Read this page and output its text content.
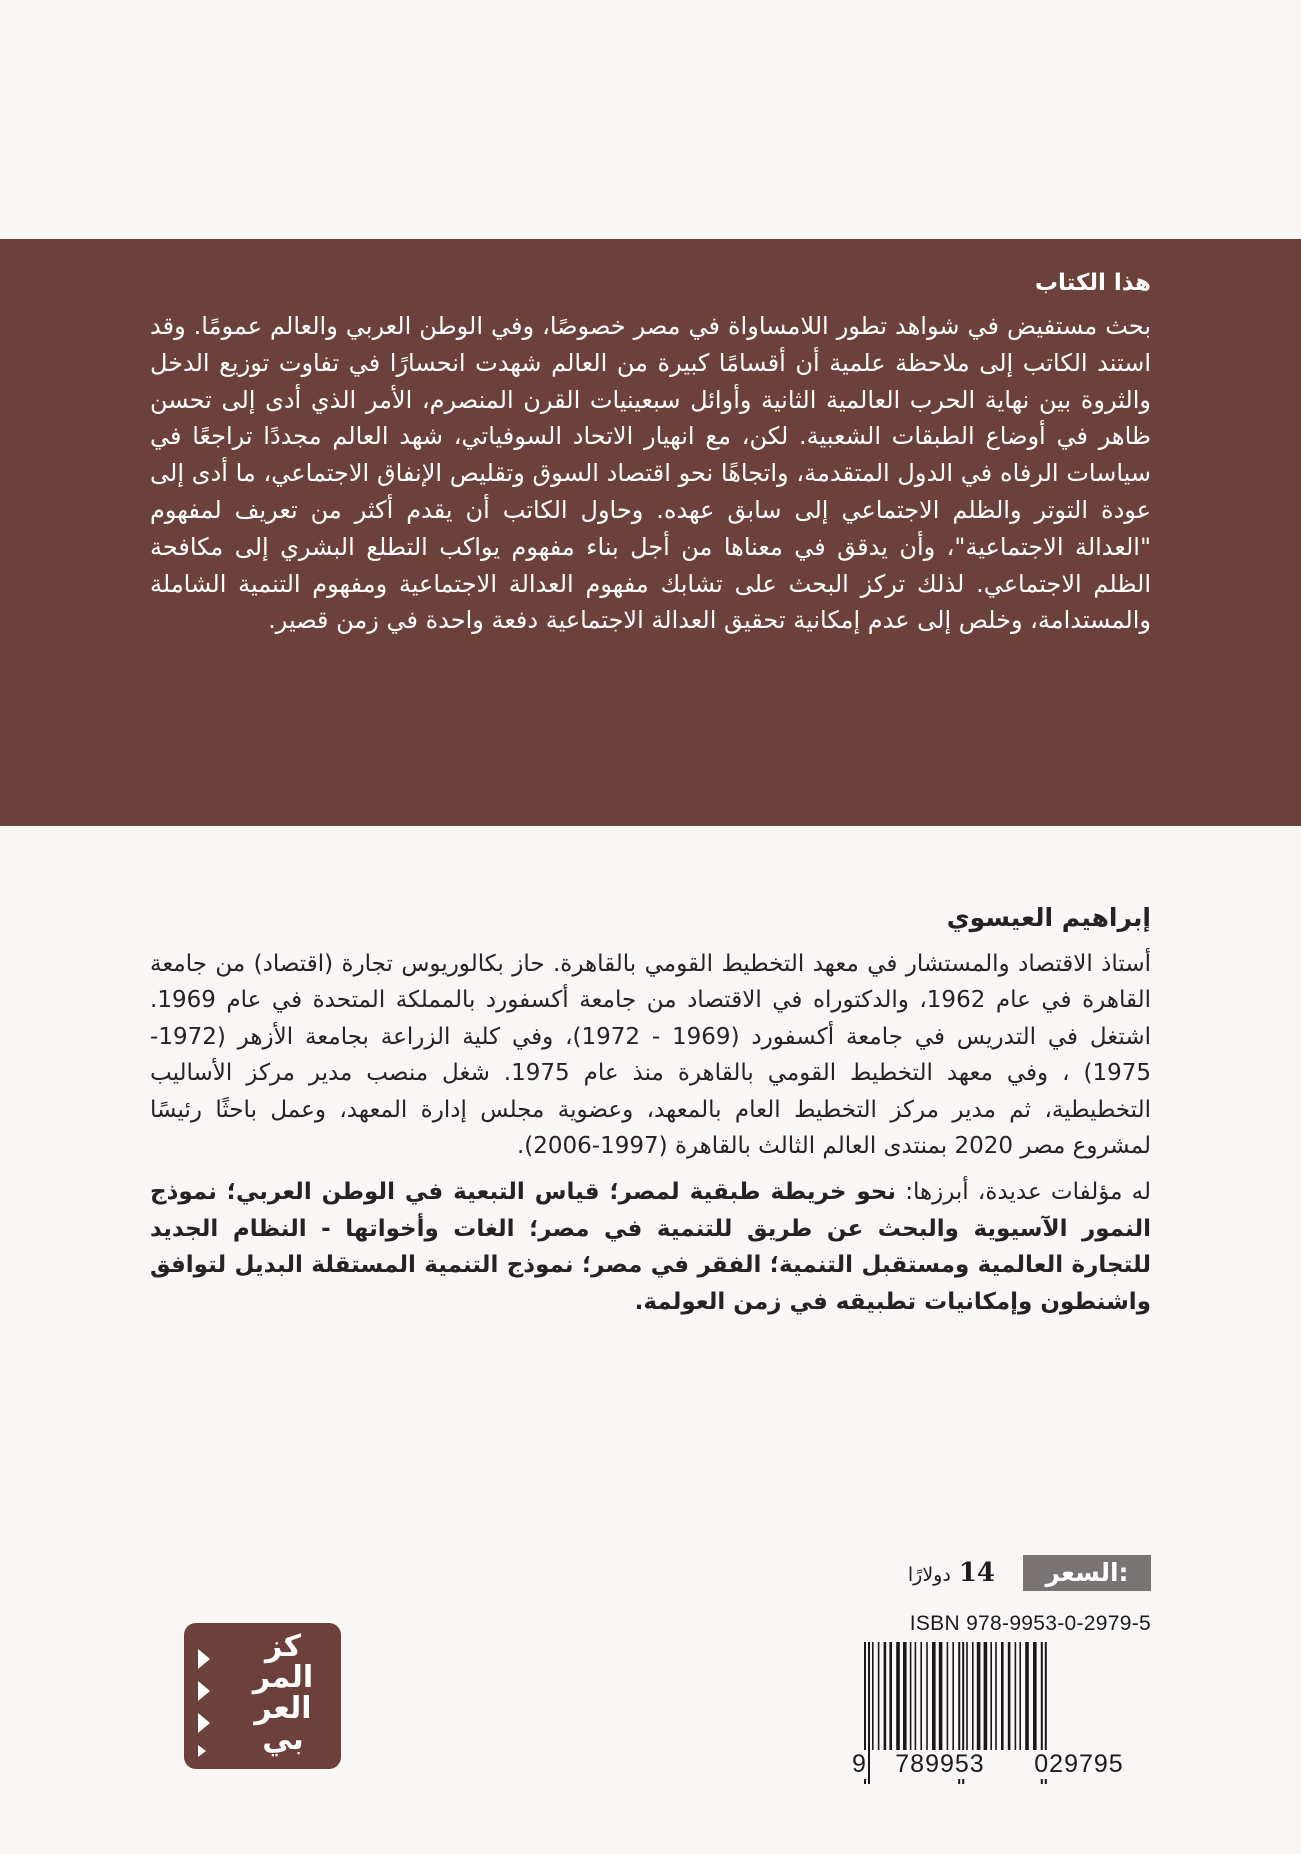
هذا الكتاب

بحث مستفيض في شواهد تطور اللامساواة في مصر خصوصًا، وفي الوطن العربي والعالم عمومًا. وقد استند الكاتب إلى ملاحظة علمية أن أقسامًا كبيرة من العالم شهدت انحسارًا في تفاوت توزيع الدخل والثروة بين نهاية الحرب العالمية الثانية وأوائل سبعينيات القرن المنصرم، الأمر الذي أدى إلى تحسن ظاهر في أوضاع الطبقات الشعبية. لكن، مع انهيار الاتحاد السوفياتي، شهد العالم مجددًا تراجعًا في سياسات الرفاه في الدول المتقدمة، واتجاهًا نحو اقتصاد السوق وتقليص الإنفاق الاجتماعي، ما أدى إلى عودة التوتر والظلم الاجتماعي إلى سابق عهده. وحاول الكاتب أن يقدم أكثر من تعريف لمفهوم "العدالة الاجتماعية"، وأن يدقق في معناها من أجل بناء مفهوم يواكب التطلع البشري إلى مكافحة الظلم الاجتماعي. لذلك تركز البحث على تشابك مفهوم العدالة الاجتماعية ومفهوم التنمية الشاملة والمستدامة، وخلص إلى عدم إمكانية تحقيق العدالة الاجتماعية دفعة واحدة في زمن قصير.

إبراهيم العيسوي

أستاذ الاقتصاد والمستشار في معهد التخطيط القومي بالقاهرة. حاز بكالوريوس تجارة (اقتصاد) من جامعة القاهرة في عام 1962، والدكتوراه في الاقتصاد من جامعة أكسفورد بالمملكة المتحدة في عام 1969. اشتغل في التدريس في جامعة أكسفورد (1969 - 1972)، وفي كلية الزراعة بجامعة الأزهر (1972-1975) ، وفي معهد التخطيط القومي بالقاهرة منذ عام 1975. شغل منصب مدير مركز الأساليب التخطيطية، ثم مدير مركز التخطيط العام بالمعهد، وعضوية مجلس إدارة المعهد، وعمل باحثًا رئيسًا لمشروع مصر 2020 بمنتدى العالم الثالث بالقاهرة (1997-2006).

له مؤلفات عديدة، أبرزها: نحو خريطة طبقية لمصر؛ قياس التبعية في الوطن العربي؛ نموذج النمور الآسيوية والبحث عن طريق للتنمية في مصر؛ الغات وأخواتها - النظام الجديد للتجارة العالمية ومستقبل التنمية؛ الفقر في مصر؛ نموذج التنمية المستقلة البديل لتوافق واشنطون وإمكانيات تطبيقه في زمن العولمة.

السعر:
14
دولارًا
ISBN 978-9953-0-2979-5
9	789953	029795
كز
المر
العر
بي
